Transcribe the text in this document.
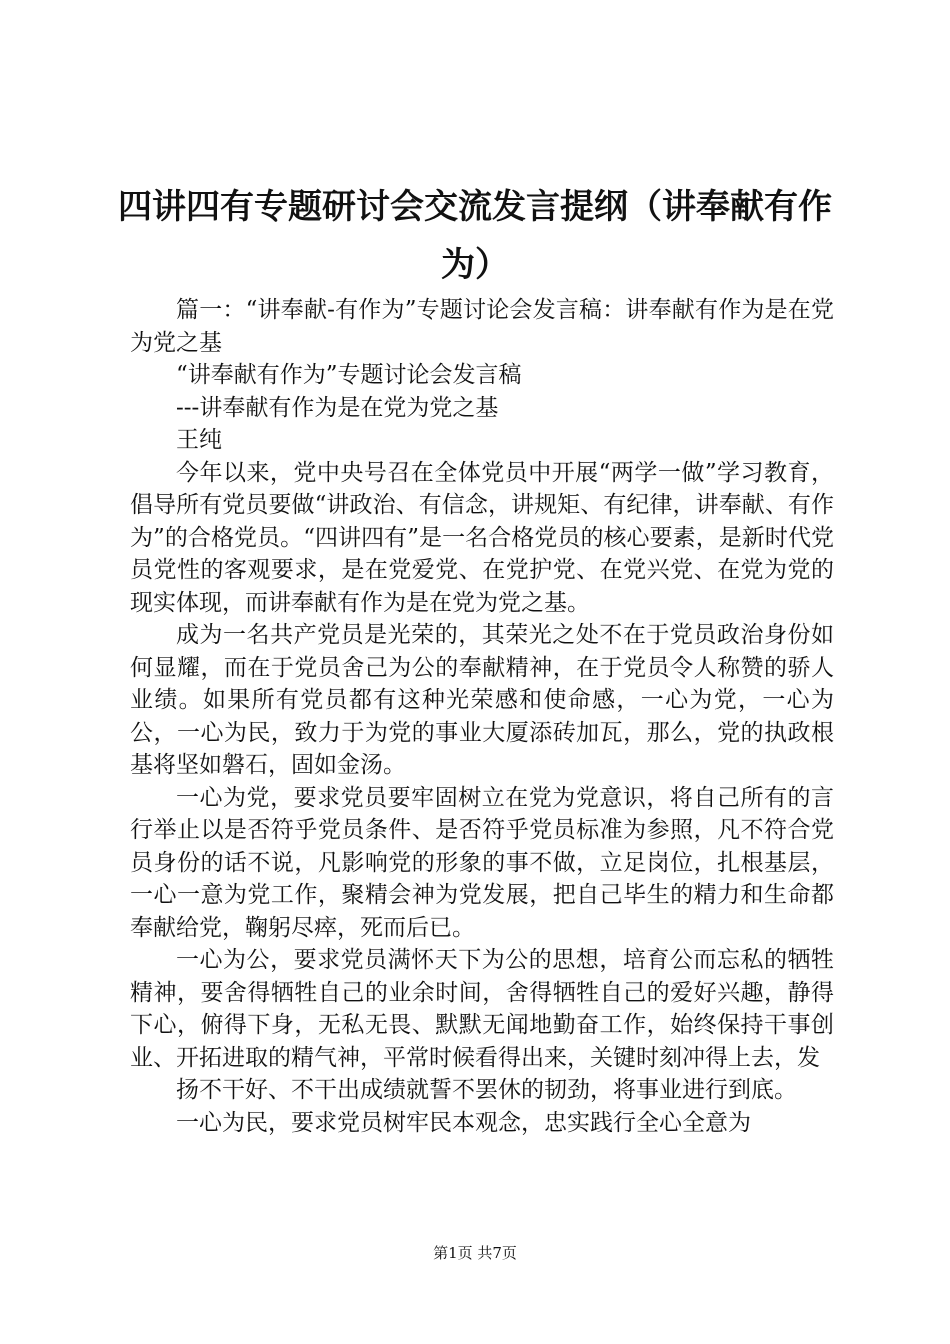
四讲四有专题研讨会交流发言提纲（讲奉献有作为）

篇一：“讲奉献-有作为”专题讨论会发言稿：讲奉献有作为是在党为党之基

“讲奉献有作为”专题讨论会发言稿

---讲奉献有作为是在党为党之基

王纯

今年以来，党中央号召在全体党员中开展“两学一做”学习教育，倡导所有党员要做“讲政治、有信念，讲规矩、有纪律，讲奉献、有作为”的合格党员。“四讲四有”是一名合格党员的核心要素，是新时代党员党性的客观要求，是在党爱党、在党护党、在党兴党、在党为党的现实体现，而讲奉献有作为是在党为党之基。

成为一名共产党员是光荣的，其荣光之处不在于党员政治身份如何显耀，而在于党员舍己为公的奉献精神，在于党员令人称赞的骄人业绩。如果所有党员都有这种光荣感和使命感，一心为党，一心为公，一心为民，致力于为党的事业大厦添砖加瓦，那么，党的执政根基将坚如磐石，固如金汤。

一心为党，要求党员要牢固树立在党为党意识，将自己所有的言行举止以是否符乎党员条件、是否符乎党员标准为参照，凡不符合党员身份的话不说，凡影响党的形象的事不做，立足岗位，扎根基层，一心一意为党工作，聚精会神为党发展，把自己毕生的精力和生命都奉献给党，鞠躬尽瘁，死而后已。

一心为公，要求党员满怀天下为公的思想，培育公而忘私的牺牲精神，要舍得牺牲自己的业余时间，舍得牺牲自己的爱好兴趣，静得下心，俯得下身，无私无畏、默默无闻地勤奋工作，始终保持干事创业、开拓进取的精气神，平常时候看得出来，关键时刻冲得上去，发

扬不干好、不干出成绩就誓不罢休的韧劲，将事业进行到底。

一心为民，要求党员树牢民本观念，忠实践行全心全意为

第1页 共7页
